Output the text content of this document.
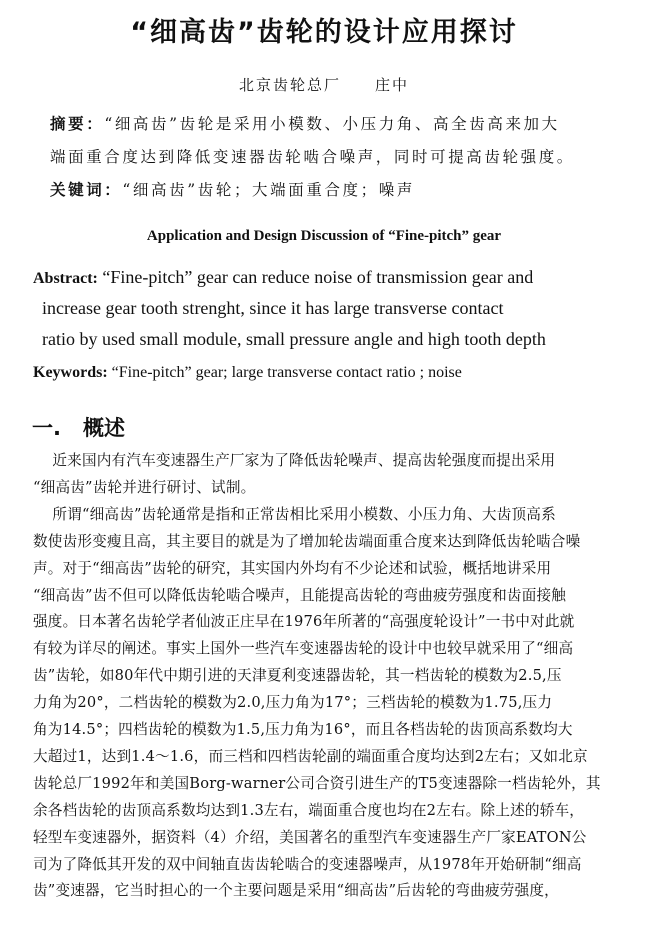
“细高齿”齿轮的设计应用探讨
北京齿轮总厂 庄中
摘要：“细高齿”齿轮是采用小模数、小压力角、高全齿高来加大
端面重合度达到降低变速器齿轮啮合噪声，同时可提高齿轮强度。
关键词：“细高齿”齿轮；大端面重合度；噪声
Application and Design Discussion of “Fine-pitch” gear
Abstract: “Fine-pitch” gear can reduce noise of transmission gear and
increase gear tooth strenght, since it has large transverse contact
ratio by used small module, small pressure angle and high tooth depth
Keywords: “Fine-pitch” gear; large transverse contact ratio ; noise
一. 概述
近来国内有汽车变速器生产厂家为了降低齿轮噪声、提高齿轮强度而提出采用
“细高齿”齿轮并进行研讨、试制。
所谓“细高齿”齿轮通常是指和正常齿相比采用小模数、小压力角、大齿顶高系
数使齿形变瘦且高，其主要目的就是为了增加轮齿端面重合度来达到降低齿轮啮合噪
声。对于“细高齿”齿轮的研究，其实国内外均有不少论述和试验，概括地讲采用
“细高齿”齿不但可以降低齿轮啮合噪声，且能提高齿轮的弯曲疲劳强度和齿面接触
强度。日本著名齿轮学者仙波正庄早在1976年所著的“高强度轮设计”一书中对此就
有较为详尽的阐述。事实上国外一些汽车变速器齿轮的设计中也较早就采用了“细高
齿”齿轮，如80年代中期引进的天津夏利变速器齿轮，其一档齿轮的模数为2.5,压
力角为20°，二档齿轮的模数为2.0,压力角为17°；三档齿轮的模数为1.75,压力
角为14.5°；四档齿轮的模数为1.5,压力角为16°，而且各档齿轮的齿顶高系数均大
大超过1，达到1.4～1.6，而三档和四档齿轮副的端面重合度均达到2左右；又如北京
齿轮总厂1992年和美国Borg-warner公司合资引进生产的T5变速器除一档齿轮外，其
余各档齿轮的齿顶高系数均达到1.3左右，端面重合度也均在2左右。除上述的轿车，
轻型车变速器外，据资料（4）介绍，美国著名的重型汽车变速器生产厂家EATON公
司为了降低其开发的双中间轴直齿齿轮啮合的变速器噪声，从1978年开始研制“细高
齿”变速器，它当时担心的一个主要问题是采用“细高齿”后齿轮的弯曲疲劳强度，
